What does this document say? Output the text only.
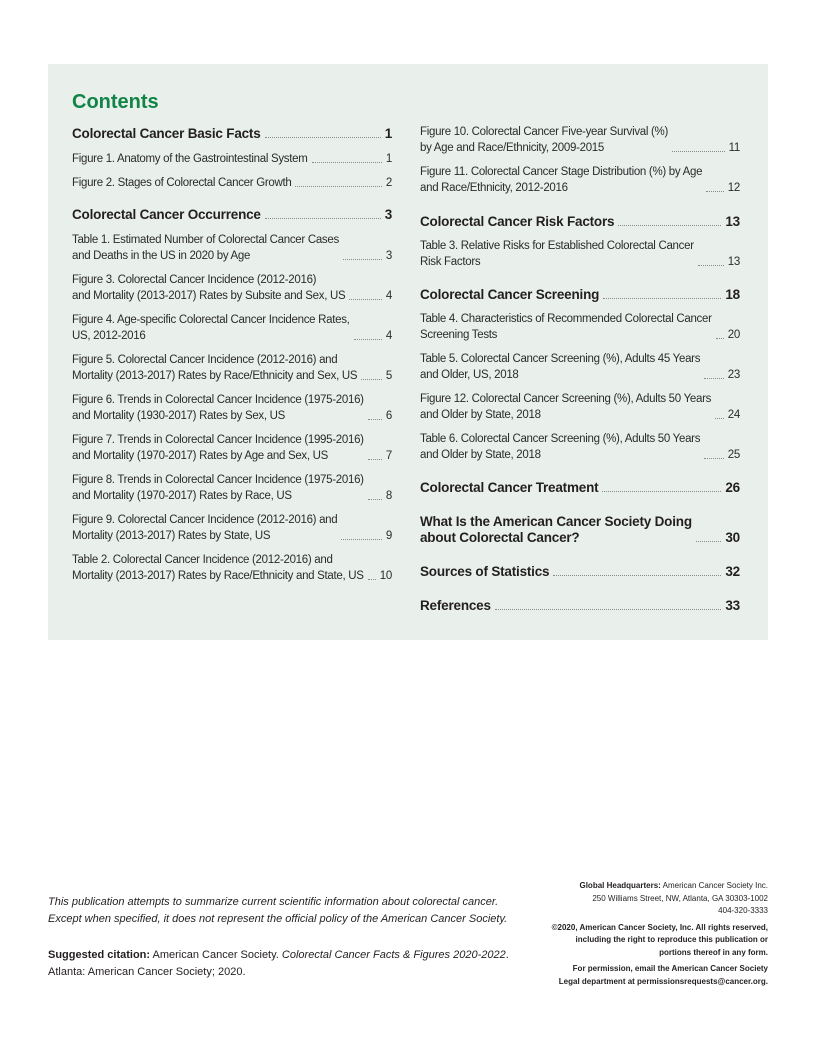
Contents
Colorectal Cancer Basic Facts	1
Figure 1. Anatomy of the Gastrointestinal System	1
Figure 2. Stages of Colorectal Cancer Growth	2
Colorectal Cancer Occurrence	3
Table 1. Estimated Number of Colorectal Cancer Cases
and Deaths in the US in 2020 by Age	3
Figure 3. Colorectal Cancer Incidence (2012-2016)
and Mortality (2013-2017) Rates by Subsite and Sex, US	4
Figure 4. Age-specific Colorectal Cancer Incidence Rates,
US, 2012-2016	4
Figure 5. Colorectal Cancer Incidence (2012-2016) and
Mortality (2013-2017) Rates by Race/Ethnicity and Sex, US 5
Figure 6. Trends in Colorectal Cancer Incidence (1975-2016)
and Mortality (1930-2017) Rates by Sex, US	6
Figure 7. Trends in Colorectal Cancer Incidence (1995-2016)
and Mortality (1970-2017) Rates by Age and Sex, US	7
Figure 8. Trends in Colorectal Cancer Incidence (1975-2016)
and Mortality (1970-2017) Rates by Race, US	8
Figure 9. Colorectal Cancer Incidence (2012-2016) and
Mortality (2013-2017) Rates by State, US	9
Table 2. Colorectal Cancer Incidence (2012-2016) and
Mortality (2013-2017) Rates by Race/Ethnicity and State, US 10
Figure 10. Colorectal Cancer Five-year Survival (%)
by Age and Race/Ethnicity, 2009-2015	11
Figure 11. Colorectal Cancer Stage Distribution (%) by Age
and Race/Ethnicity, 2012-2016	12
Colorectal Cancer Risk Factors	13
Table 3. Relative Risks for Established Colorectal Cancer
Risk Factors	13
Colorectal Cancer Screening	18
Table 4. Characteristics of Recommended Colorectal Cancer
Screening Tests	20
Table 5. Colorectal Cancer Screening (%), Adults 45 Years
and Older, US, 2018	23
Figure 12. Colorectal Cancer Screening (%), Adults 50 Years
and Older by State, 2018	24
Table 6. Colorectal Cancer Screening (%), Adults 50 Years
and Older by State, 2018	25
Colorectal Cancer Treatment	26
What Is the American Cancer Society Doing
about Colorectal Cancer?	30
Sources of Statistics	32
References	33
This publication attempts to summarize current scientific information about colorectal cancer.
Except when specified, it does not represent the official policy of the American Cancer Society.
Suggested citation: American Cancer Society. Colorectal Cancer Facts & Figures 2020-2022.
Atlanta: American Cancer Society; 2020.
Global Headquarters: American Cancer Society Inc.
250 Williams Street, NW, Atlanta, GA 30303-1002
404-320-3333
©2020, American Cancer Society, Inc. All rights reserved,
including the right to reproduce this publication or
portions thereof in any form.
For permission, email the American Cancer Society
Legal department at permissionsrequests@cancer.org.
